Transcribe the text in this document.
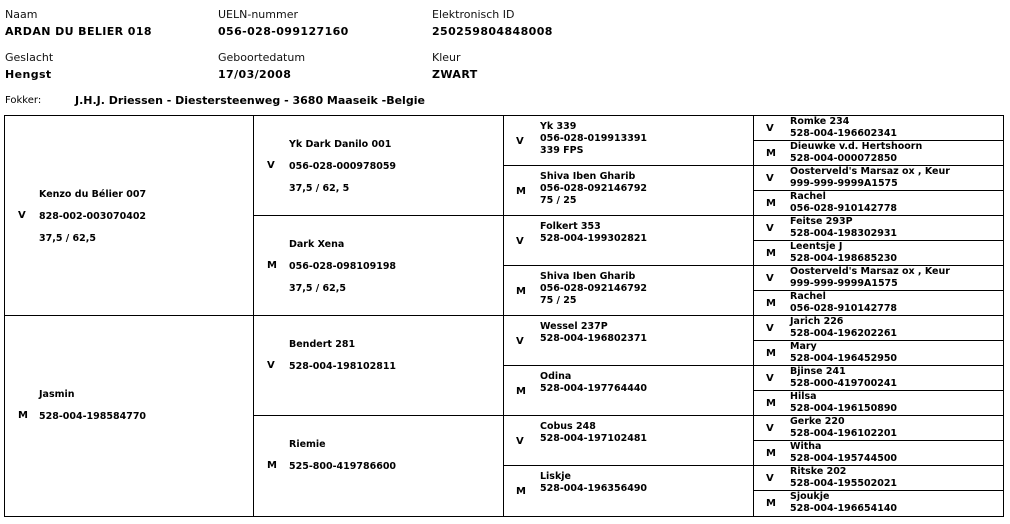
Naam
ARDAN DU BELIER 018
UELN-nummer
056-028-099127160
Elektronisch ID
250259804848008
Geslacht
Hengst
Geboortedatum
17/03/2008
Kleur
ZWART
Fokker:	J.H.J. Driessen - Diestersteenweg - 3680 Maaseik -Belgie
V
Kenzo du Bélier 007
828-002-003070402
37,5 / 62,5
M
Jasmin
528-004-198584770
V
Yk Dark Danilo 001
056-028-000978059
37,5 / 62, 5
M
Dark Xena
056-028-098109198
37,5 / 62,5
V
Bendert 281
528-004-198102811
M
Riemie
525-800-419786600
V
Yk 339
056-028-019913391
339 FPS
M
Shiva Iben Gharib
056-028-092146792
75 / 25
V
Folkert 353
528-004-199302821
M
Shiva Iben Gharib
056-028-092146792
75 / 25
V
Wessel 237P
528-004-196802371
M
Odina
528-004-197764440
V
Cobus 248
528-004-197102481
M
Liskje
528-004-196356490
V
Romke 234
528-004-196602341
M
Dieuwke v.d. Hertshoorn
528-004-000072850
V
Oosterveld's Marsaz ox , Keur
999-999-9999A1575
M
Rachel
056-028-910142778
V
Feitse 293P
528-004-198302931
M
Leentsje J
528-004-198685230
V
Oosterveld's Marsaz ox , Keur
999-999-9999A1575
M
Rachel
056-028-910142778
V
Jarich 226
528-004-196202261
M
Mary
528-004-196452950
V
Bjinse 241
528-000-419700241
M
Hilsa
528-004-196150890
V
Gerke 220
528-004-196102201
M
Witha
528-004-195744500
V
Ritske 202
528-004-195502021
M
Sjoukje
528-004-196654140
